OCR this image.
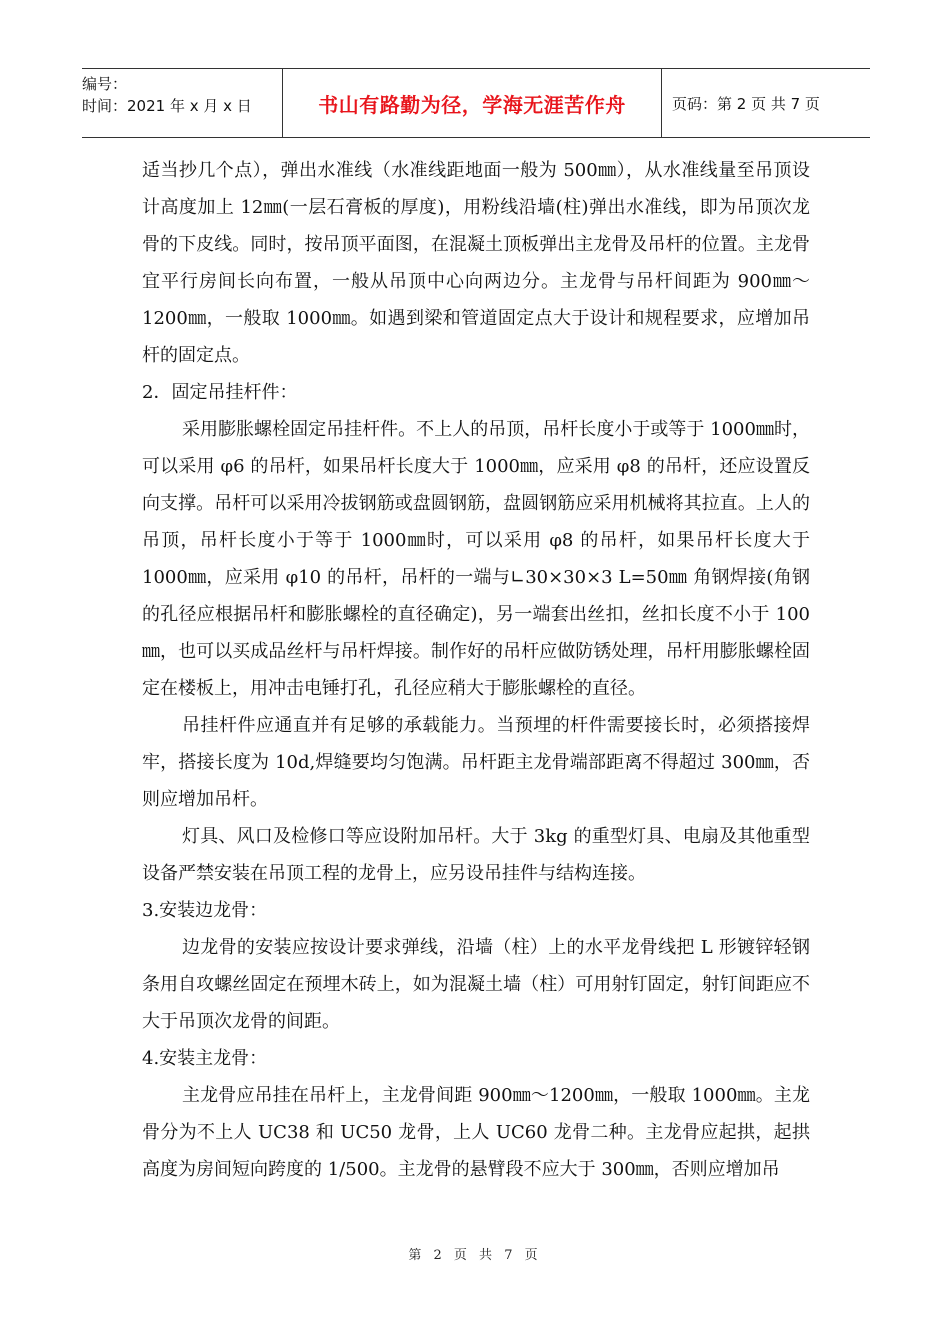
编号：
时间：2021 年 x 月 x 日	书山有路勤为径，学海无涯苦作舟	页码：第 2 页 共 7 页

适当抄几个点），弹出水准线（水准线距地面一般为 500㎜），从水准线量至吊顶设计高度加上 12㎜(一层石膏板的厚度)，用粉线沿墙(柱)弹出水准线，即为吊顶次龙骨的下皮线。同时，按吊顶平面图，在混凝土顶板弹出主龙骨及吊杆的位置。主龙骨宜平行房间长向布置，一般从吊顶中心向两边分。主龙骨与吊杆间距为 900㎜～1200㎜，一般取 1000㎜。如遇到梁和管道固定点大于设计和规程要求，应增加吊杆的固定点。

2．固定吊挂杆件：

采用膨胀螺栓固定吊挂杆件。不上人的吊顶，吊杆长度小于或等于 1000㎜时，可以采用 φ6 的吊杆，如果吊杆长度大于 1000㎜，应采用 φ8 的吊杆，还应设置反向支撑。吊杆可以采用冷拔钢筋或盘圆钢筋，盘圆钢筋应采用机械将其拉直。上人的吊顶，吊杆长度小于等于 1000㎜时，可以采用 φ8 的吊杆，如果吊杆长度大于 1000㎜，应采用 φ10 的吊杆，吊杆的一端与∟30×30×3 L=50㎜ 角钢焊接(角钢的孔径应根据吊杆和膨胀螺栓的直径确定)，另一端套出丝扣，丝扣长度不小于 100㎜，也可以买成品丝杆与吊杆焊接。制作好的吊杆应做防锈处理，吊杆用膨胀螺栓固定在楼板上，用冲击电锤打孔，孔径应稍大于膨胀螺栓的直径。

吊挂杆件应通直并有足够的承载能力。当预埋的杆件需要接长时，必须搭接焊牢，搭接长度为 10d,焊缝要均匀饱满。吊杆距主龙骨端部距离不得超过 300㎜，否则应增加吊杆。

灯具、风口及检修口等应设附加吊杆。大于 3kg 的重型灯具、电扇及其他重型设备严禁安装在吊顶工程的龙骨上，应另设吊挂件与结构连接。

3.安装边龙骨：

边龙骨的安装应按设计要求弹线，沿墙（柱）上的水平龙骨线把 L 形镀锌轻钢条用自攻螺丝固定在预埋木砖上，如为混凝土墙（柱）可用射钉固定，射钉间距应不大于吊顶次龙骨的间距。

4.安装主龙骨：

主龙骨应吊挂在吊杆上，主龙骨间距 900㎜～1200㎜，一般取 1000㎜。主龙骨分为不上人 UC38 和 UC50 龙骨，上人 UC60 龙骨二种。主龙骨应起拱，起拱高度为房间短向跨度的 1/500。主龙骨的悬臂段不应大于 300㎜，否则应增加吊

第 2 页 共 7 页
